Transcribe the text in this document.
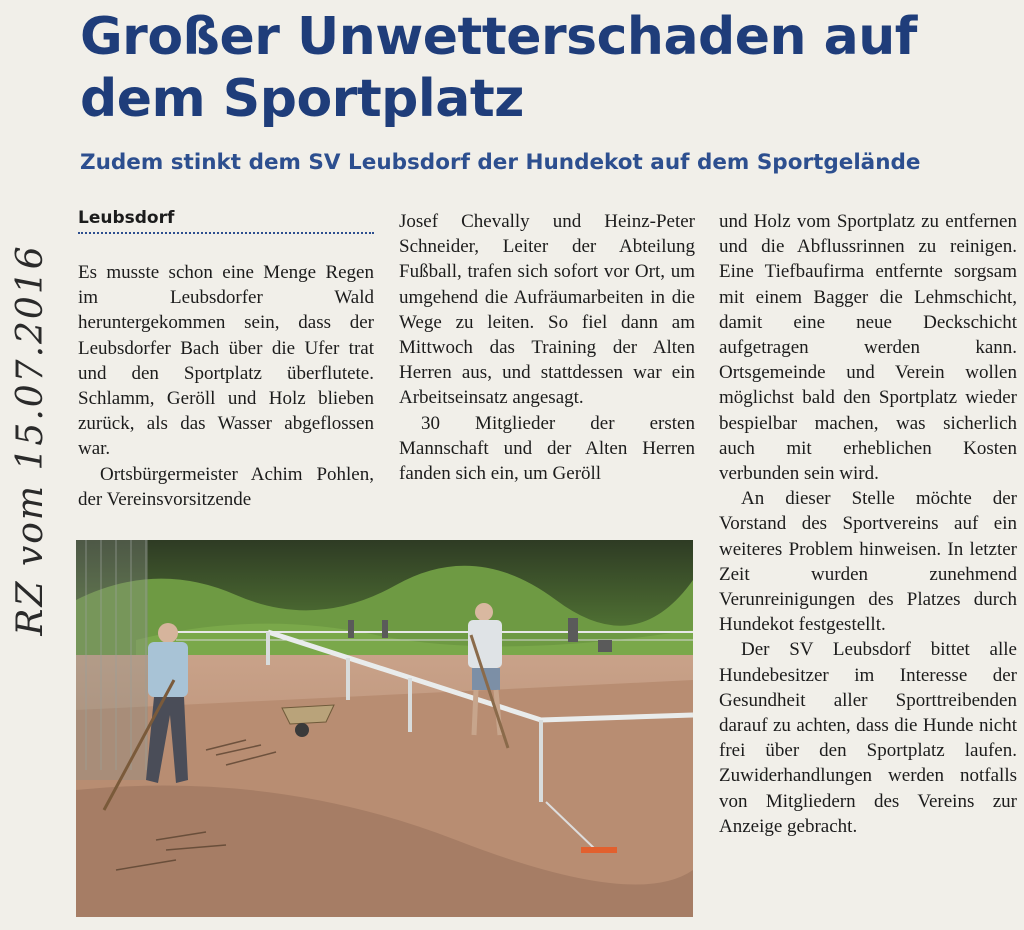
RZ vom 15.07.2016
Großer Unwetterschaden auf dem Sportplatz
Zudem stinkt dem SV Leubsdorf der Hundekot auf dem Sportgelände
Leubsdorf

Es musste schon eine Menge Regen im Leubsdorfer Wald heruntergekommen sein, dass der Leubsdorfer Bach über die Ufer trat und den Sportplatz überflutete. Schlamm, Geröll und Holz blieben zurück, als das Wasser abgeflossen war.

Ortsbürgermeister Achim Pohlen, der Vereinsvorsitzende

Josef Chevally und Heinz-Peter Schneider, Leiter der Abteilung Fußball, trafen sich sofort vor Ort, um umgehend die Aufräumarbeiten in die Wege zu leiten. So fiel dann am Mittwoch das Training der Alten Herren aus, und stattdessen war ein Arbeitseinsatz angesagt.

30 Mitglieder der ersten Mannschaft und der Alten Herren fanden sich ein, um Geröll

und Holz vom Sportplatz zu entfernen und die Abflussrinnen zu reinigen. Eine Tiefbaufirma entfernte sorgsam mit einem Bagger die Lehmschicht, damit eine neue Deckschicht aufgetragen werden kann. Ortsgemeinde und Verein wollen möglichst bald den Sportplatz wieder bespielbar machen, was sicherlich auch mit erheblichen Kosten verbunden sein wird.

An dieser Stelle möchte der Vorstand des Sportvereins auf ein weiteres Problem hinweisen. In letzter Zeit wurden zunehmend Verunreinigungen des Platzes durch Hundekot festgestellt.

Der SV Leubsdorf bittet alle Hundebesitzer im Interesse der Gesundheit aller Sporttreibenden darauf zu achten, dass die Hunde nicht frei über den Sportplatz laufen. Zuwiderhandlungen werden notfalls von Mitgliedern des Vereins zur Anzeige gebracht.
